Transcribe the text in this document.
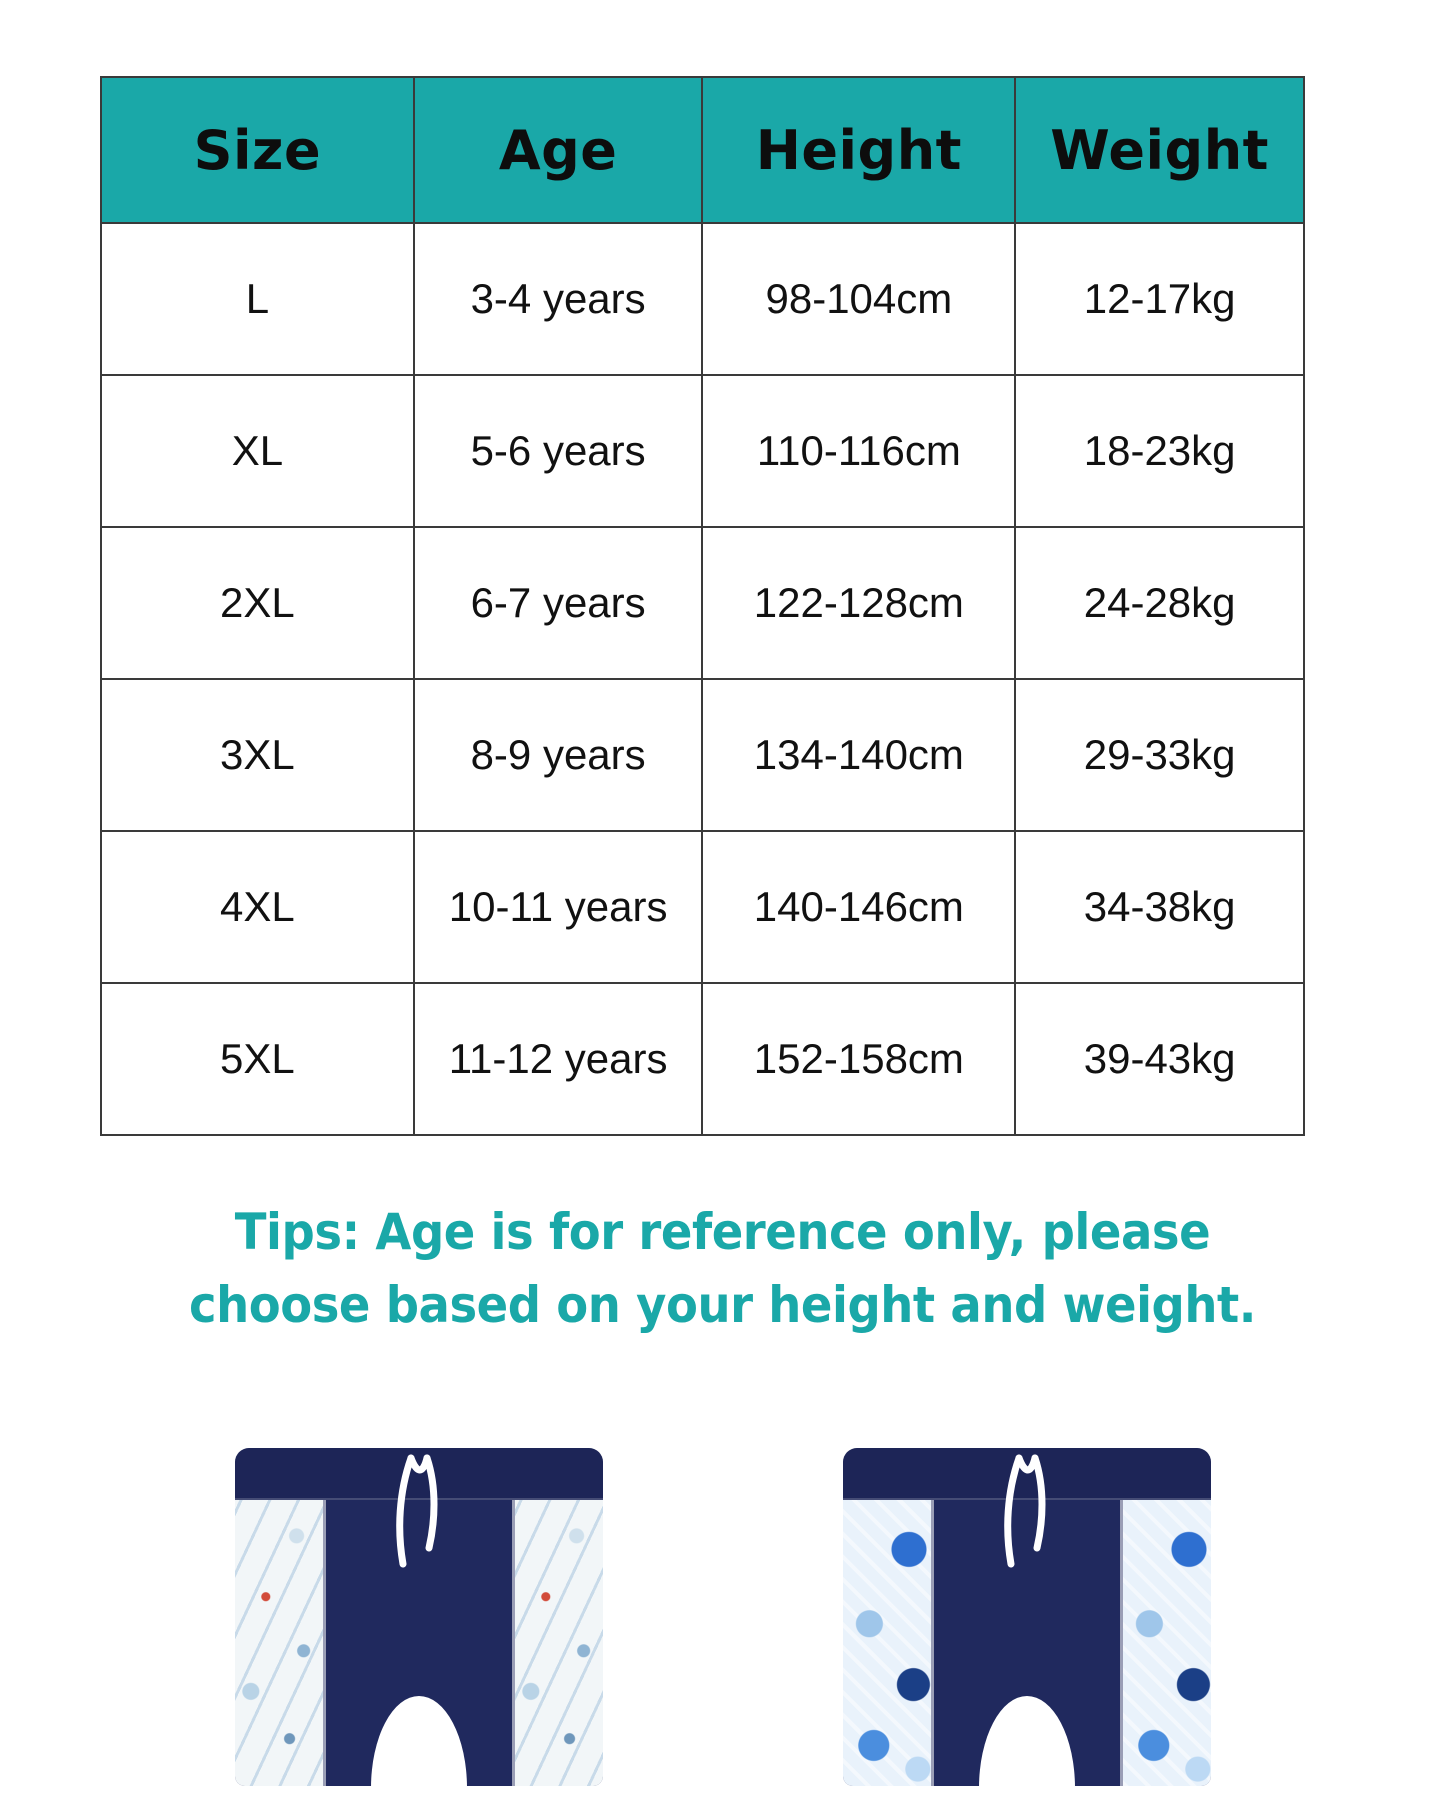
Size	Age	Height	Weight
L	3-4 years	98-104cm	12-17kg
XL	5-6 years	110-116cm	18-23kg
2XL	6-7 years	122-128cm	24-28kg
3XL	8-9 years	134-140cm	29-33kg
4XL	10-11 years	140-146cm	34-38kg
5XL	11-12 years	152-158cm	39-43kg
Tips: Age is for reference only, please
choose based on your height and weight.
